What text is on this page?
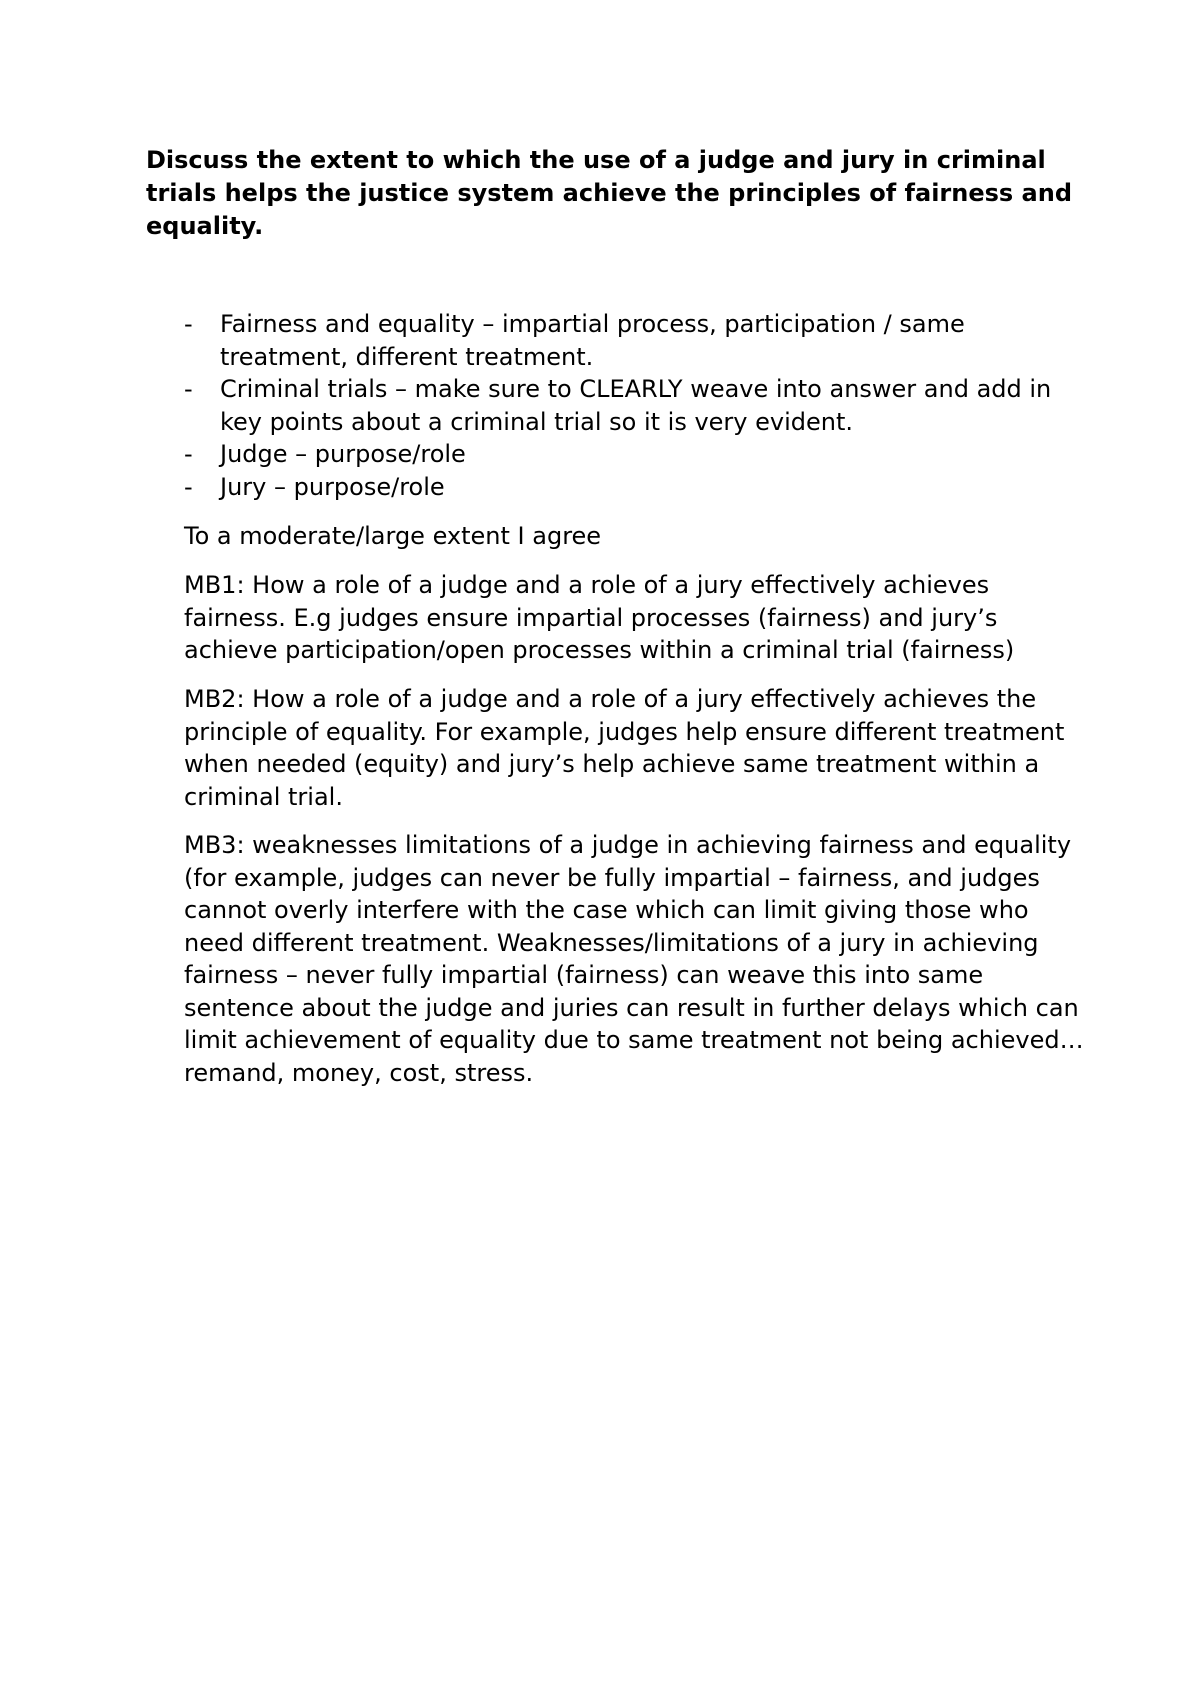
Discuss the extent to which the use of a judge and jury in criminal trials helps the justice system achieve the principles of fairness and equality.

- Fairness and equality – impartial process, participation / same treatment, different treatment.
- Criminal trials – make sure to CLEARLY weave into answer and add in key points about a criminal trial so it is very evident.
- Judge – purpose/role
- Jury – purpose/role

To a moderate/large extent I agree

MB1: How a role of a judge and a role of a jury effectively achieves fairness. E.g judges ensure impartial processes (fairness) and jury’s achieve participation/open processes within a criminal trial (fairness)

MB2: How a role of a judge and a role of a jury effectively achieves the principle of equality. For example, judges help ensure different treatment when needed (equity) and jury’s help achieve same treatment within a criminal trial.

MB3: weaknesses limitations of a judge in achieving fairness and equality (for example, judges can never be fully impartial – fairness, and judges cannot overly interfere with the case which can limit giving those who need different treatment. Weaknesses/limitations of a jury in achieving fairness – never fully impartial (fairness) can weave this into same sentence about the judge and juries can result in further delays which can limit achievement of equality due to same treatment not being achieved…remand, money, cost, stress.
